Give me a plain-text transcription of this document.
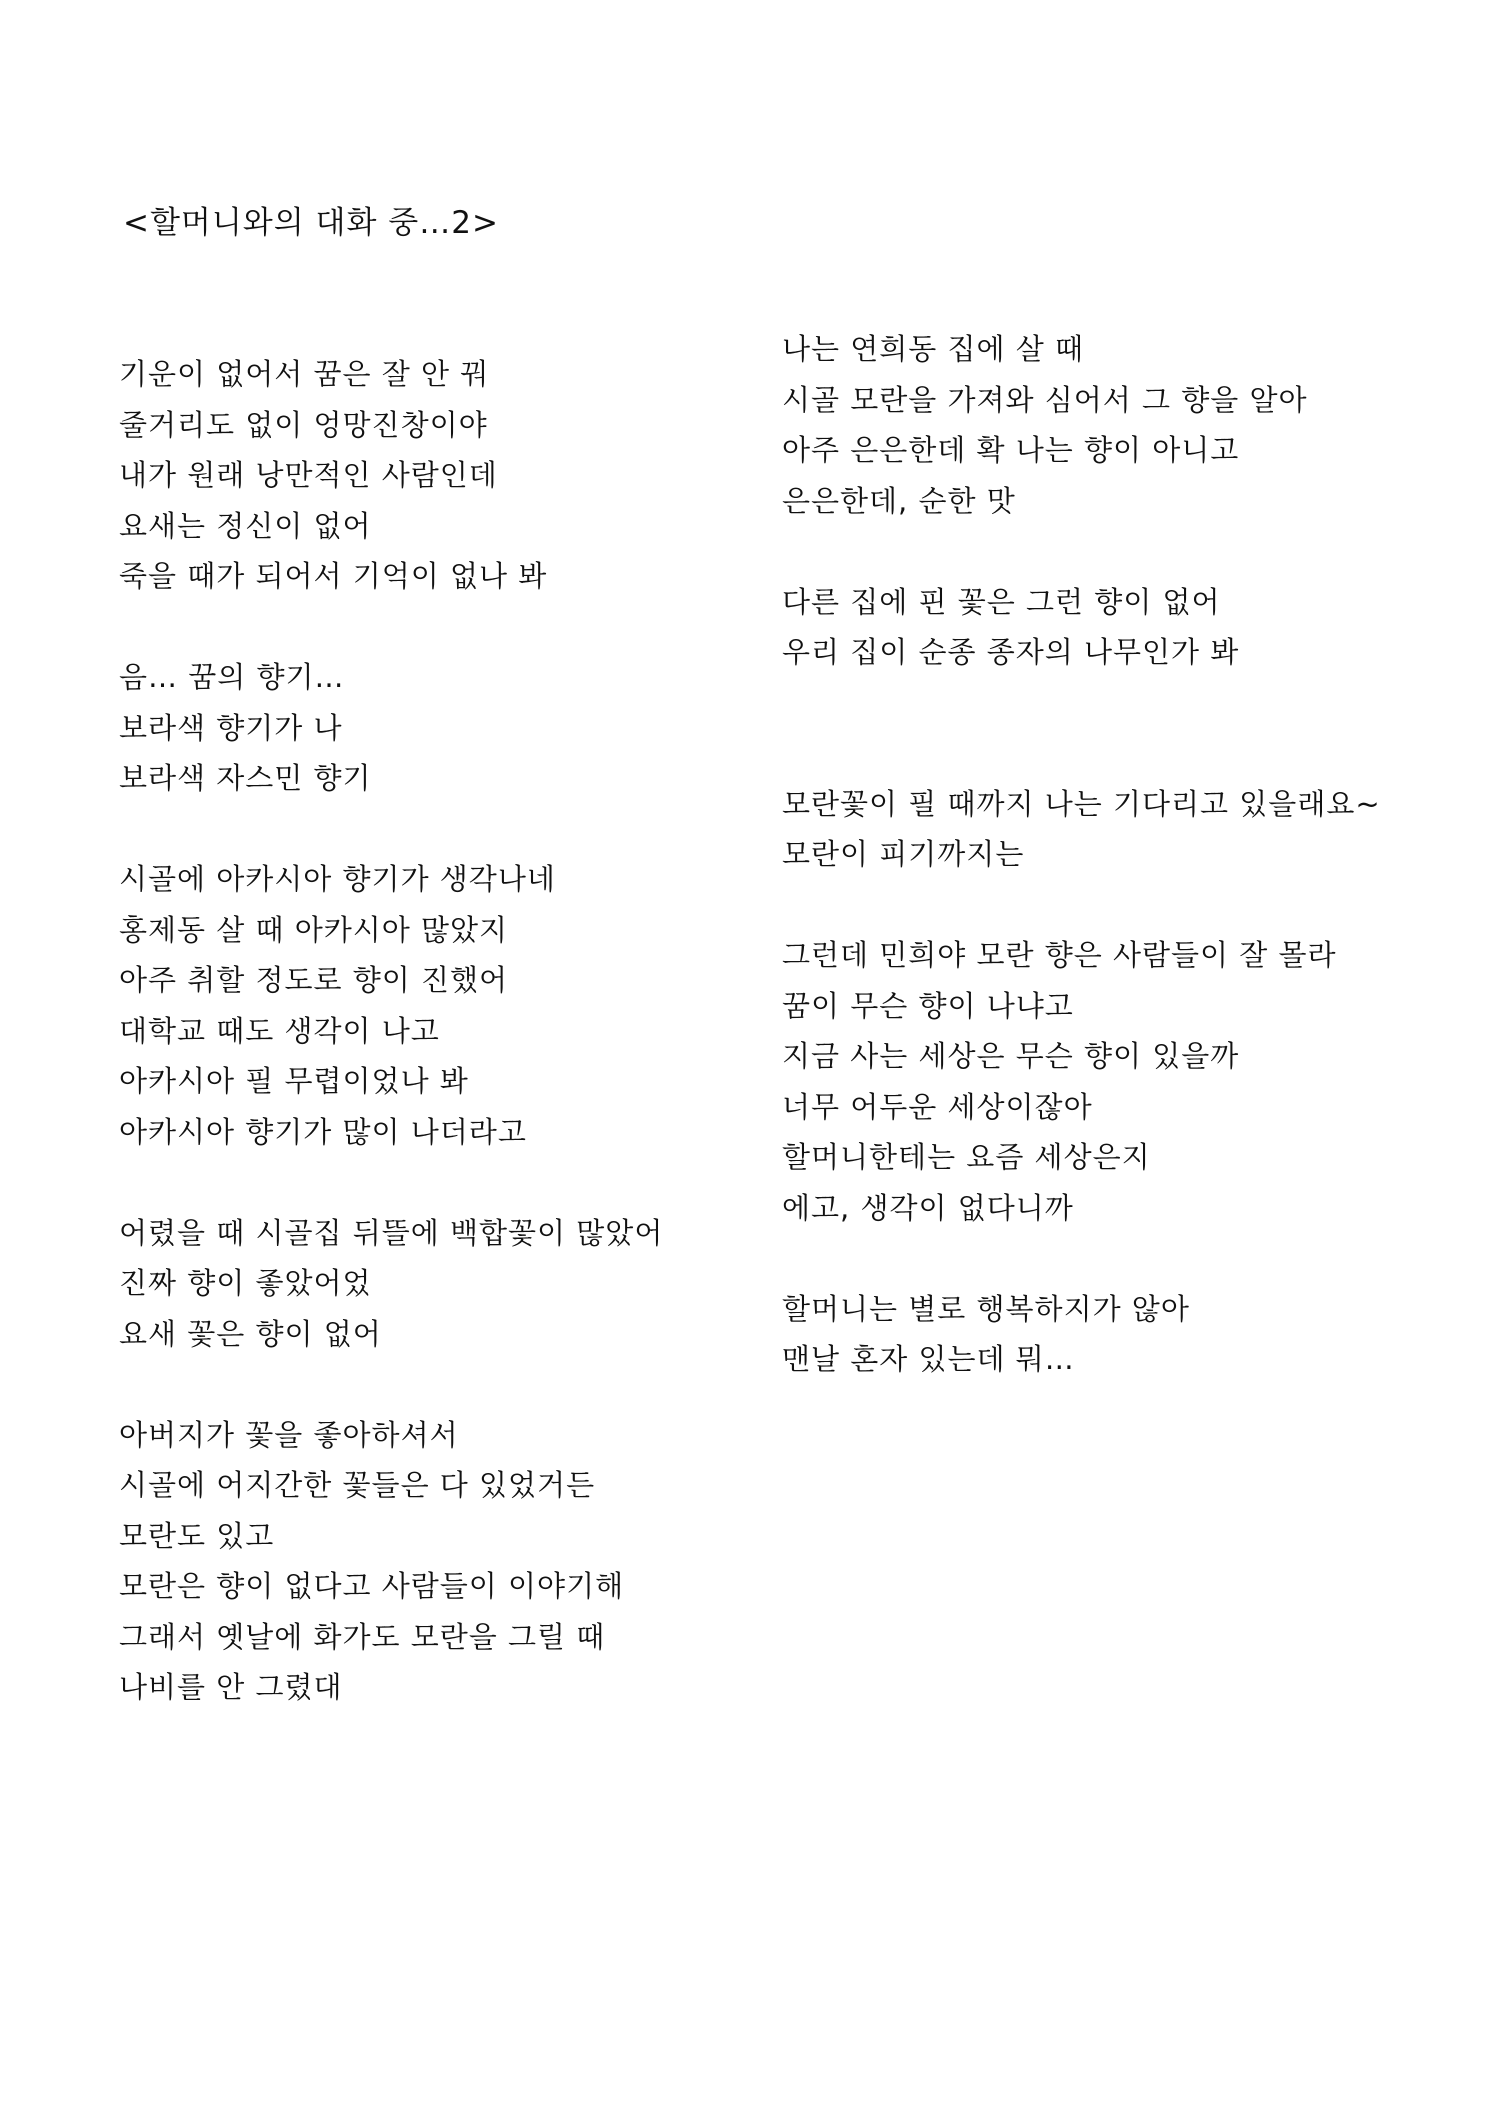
<할머니와의 대화 중…2>
기운이 없어서 꿈은 잘 안 꿔
줄거리도 없이 엉망진창이야
내가 원래 낭만적인 사람인데
요새는 정신이 없어
죽을 때가 되어서 기억이 없나 봐
음… 꿈의 향기…
보라색 향기가 나
보라색 자스민 향기
시골에 아카시아 향기가 생각나네
홍제동 살 때 아카시아 많았지
아주 취할 정도로 향이 진했어
대학교 때도 생각이 나고
아카시아 필 무렵이었나 봐
아카시아 향기가 많이 나더라고
어렸을 때 시골집 뒤뜰에 백합꽃이 많았어
진짜 향이 좋았어었
요새 꽃은 향이 없어
아버지가 꽃을 좋아하셔서
시골에 어지간한 꽃들은 다 있었거든
모란도 있고
모란은 향이 없다고 사람들이 이야기해
그래서 옛날에 화가도 모란을 그릴 때
나비를 안 그렸대
나는 연희동 집에 살 때
시골 모란을 가져와 심어서 그 향을 알아
아주 은은한데 확 나는 향이 아니고
은은한데, 순한 맛
다른 집에 핀 꽃은 그런 향이 없어
우리 집이 순종 종자의 나무인가 봐
모란꽃이 필 때까지 나는 기다리고 있을래요~
모란이 피기까지는
그런데 민희야 모란 향은 사람들이 잘 몰라
꿈이 무슨 향이 나냐고
지금 사는 세상은 무슨 향이 있을까
너무 어두운 세상이잖아
할머니한테는 요즘 세상은지
에고, 생각이 없다니까
할머니는 별로 행복하지가 않아
맨날 혼자 있는데 뭐…
